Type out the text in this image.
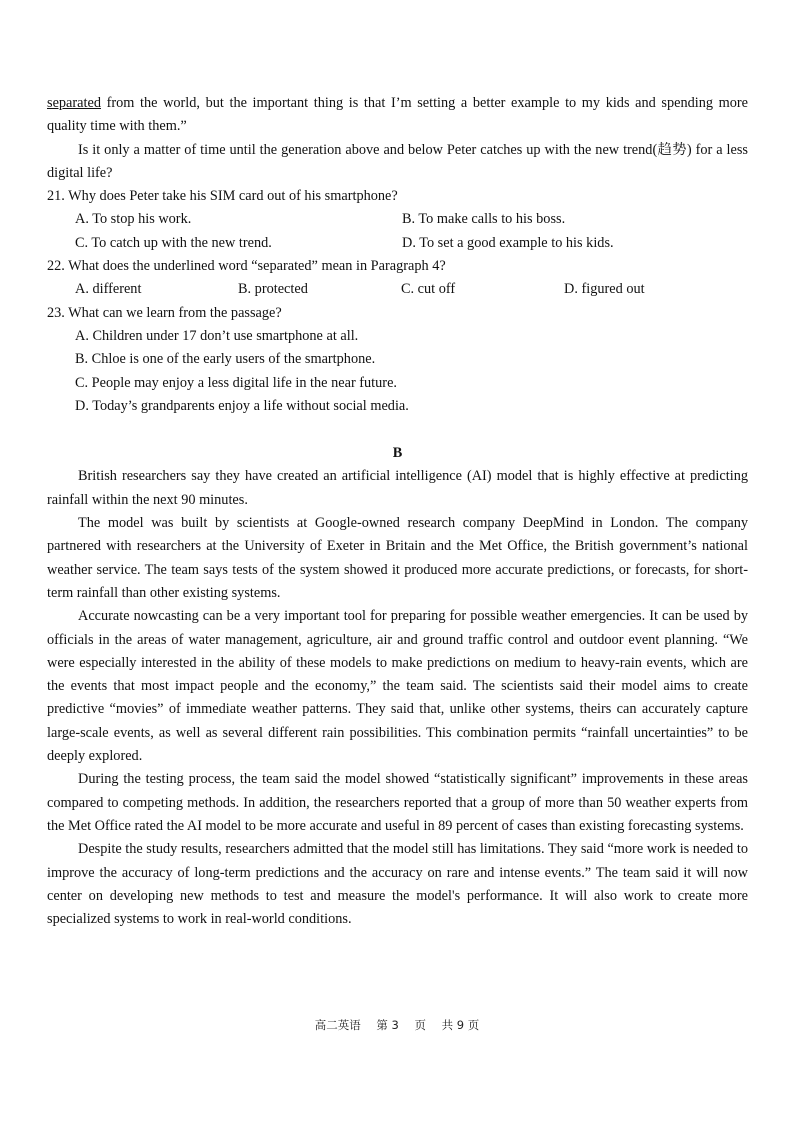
separated from the world, but the important thing is that I’m setting a better example to my kids and spending more quality time with them.”

Is it only a matter of time until the generation above and below Peter catches up with the new trend(趋势) for a less digital life?

21. Why does Peter take his SIM card out of his smartphone?

A. To stop his work.	B. To make calls to his boss.
C. To catch up with the new trend.	D. To set a good example to his kids.

22. What does the underlined word “separated” mean in Paragraph 4?

A. different	B. protected	C. cut off	D. figured out

23. What can we learn from the passage?

A. Children under 17 don’t use smartphone at all.

B. Chloe is one of the early users of the smartphone.

C. People may enjoy a less digital life in the near future.

D. Today’s grandparents enjoy a life without social media.

B

British researchers say they have created an artificial intelligence (AI) model that is highly effective at predicting rainfall within the next 90 minutes.

The model was built by scientists at Google-owned research company DeepMind in London. The company partnered with researchers at the University of Exeter in Britain and the Met Office, the British government’s national weather service. The team says tests of the system showed it produced more accurate predictions, or forecasts, for short-term rainfall than other existing systems.

Accurate nowcasting can be a very important tool for preparing for possible weather emergencies. It can be used by officials in the areas of water management, agriculture, air and ground traffic control and outdoor event planning. “We were especially interested in the ability of these models to make predictions on medium to heavy-rain events, which are the events that most impact people and the economy,” the team said. The scientists said their model aims to create predictive “movies” of immediate weather patterns. They said that, unlike other systems, theirs can accurately capture large-scale events, as well as several different rain possibilities. This combination permits “rainfall uncertainties” to be deeply explored.

During the testing process, the team said the model showed “statistically significant” improvements in these areas compared to competing methods. In addition, the researchers reported that a group of more than 50 weather experts from the Met Office rated the AI model to be more accurate and useful in 89 percent of cases than existing forecasting systems.

Despite the study results, researchers admitted that the model still has limitations. They said “more work is needed to improve the accuracy of long-term predictions and the accuracy on rare and intense events.” The team said it will now center on developing new methods to test and measure the model's performance. It will also work to create more specialized systems to work in real-world conditions.

高二英语 第 3 页 共 9 页
